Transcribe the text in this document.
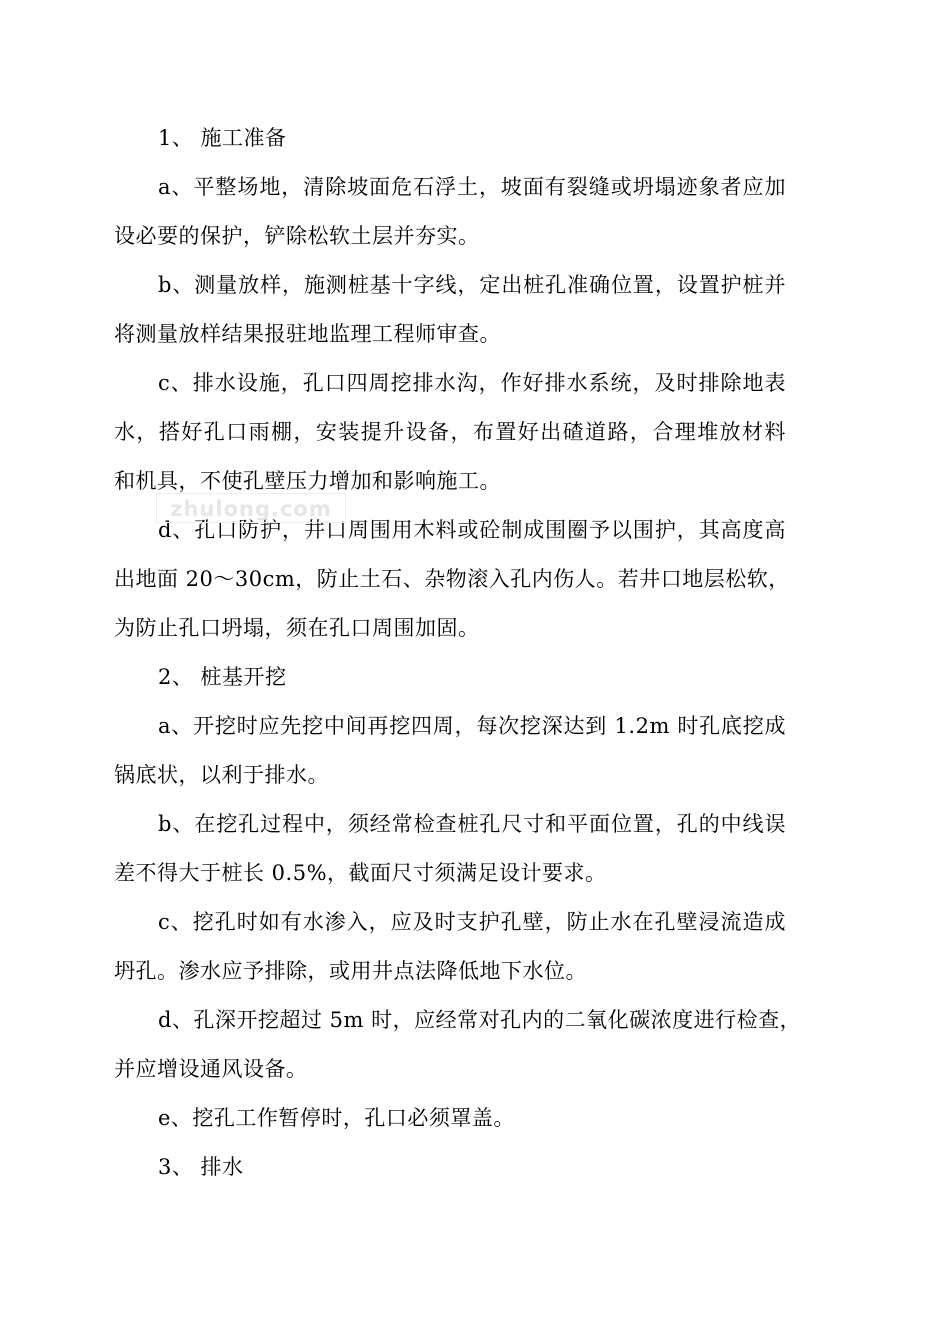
1、 施工准备
a、平整场地，清除坡面危石浮土，坡面有裂缝或坍塌迹象者应加
设必要的保护，铲除松软土层并夯实。
b、测量放样，施测桩基十字线，定出桩孔准确位置，设置护桩并
将测量放样结果报驻地监理工程师审查。
c、排水设施，孔口四周挖排水沟，作好排水系统，及时排除地表
水，搭好孔口雨棚，安装提升设备，布置好出碴道路，合理堆放材料
和机具，不使孔壁压力增加和影响施工。
d、孔口防护，井口周围用木料或砼制成围圈予以围护，其高度高
出地面 20～30cm，防止土石、杂物滚入孔内伤人。若井口地层松软，
为防止孔口坍塌，须在孔口周围加固。
2、 桩基开挖
a、开挖时应先挖中间再挖四周，每次挖深达到 1.2m 时孔底挖成
锅底状，以利于排水。
b、在挖孔过程中，须经常检查桩孔尺寸和平面位置，孔的中线误
差不得大于桩长 0.5%，截面尺寸须满足设计要求。
c、挖孔时如有水渗入，应及时支护孔壁，防止水在孔壁浸流造成
坍孔。渗水应予排除，或用井点法降低地下水位。
d、孔深开挖超过 5m 时，应经常对孔内的二氧化碳浓度进行检查，
并应增设通风设备。
e、挖孔工作暂停时，孔口必须罩盖。
3、 排水
zhulong.com
